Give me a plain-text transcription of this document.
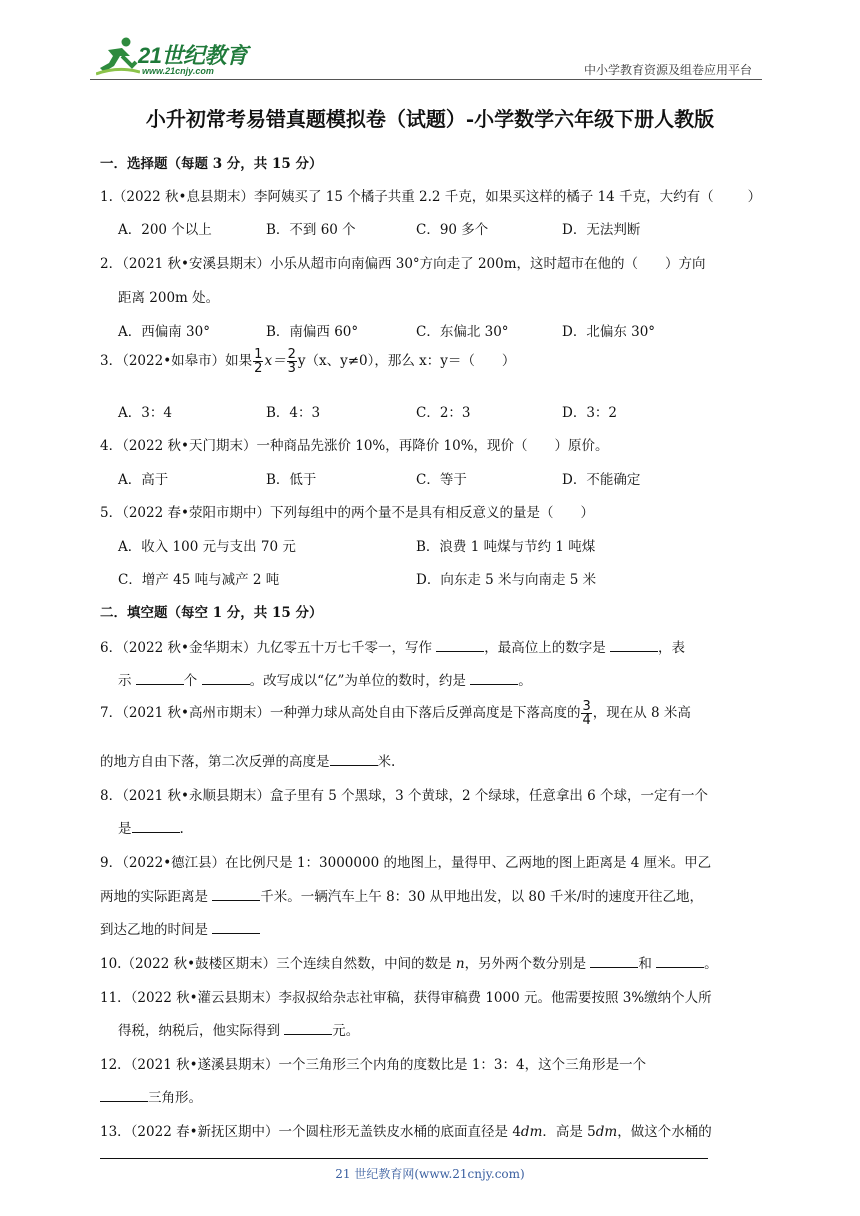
21世纪教育
www.21cnjy.com	中小学教育资源及组卷应用平台
小升初常考易错真题模拟卷（试题）-小学数学六年级下册人教版
一．选择题（每题 3 分，共 15 分）
1.（2022 秋•息县期末）李阿姨买了 15 个橘子共重 2.2 千克，如果买这样的橘子 14 千克，大约有（	）
A．200 个以上	B．不到 60 个	C．90 多个	D．无法判断
2．（2021 秋•安溪县期末）小乐从超市向南偏西 30°方向走了 200m，这时超市在他的（　　）方向
距离 200m 处。
A．西偏南 30°	B．南偏西 60°	C．东偏北 30°	D．北偏东 30°
3．（2022•如皋市）如果 $\frac{1}{2} x= \frac{2}{3} y(x$、y≠0），那么 x：y＝（　　）
A．3：4	B．4：3	C．2：3	D．3：2
4．（2022 秋•天门期末）一种商品先涨价 10%，再降价 10%，现价（　　）原价。
A．高于	B．低于	C．等于	D．不能确定
5．（2022 春•荥阳市期中）下列每组中的两个量不是具有相反意义的量是（　　）
A．收入 100 元与支出 70 元	B．浪费 1 吨煤与节约 1 吨煤
C．增产 45 吨与减产 2 吨	D．向东走 5 米与向南走 5 米
二．填空题（每空 1 分，共 15 分）
6．（2022 秋•金华期末）九亿零五十万七千零一，写作	，最高位上的数字是	，表
示	个	。改写成以“亿”为单位的数时，约是	。
7．（2021 秋•高州市期末）一种弹力球从高处自由下落后反弹高度是下落高度的 $\frac{3}{4}$ ，现在从 8 米高
的地方自由下落，第二次反弹的高度是	米.
8．（2021 秋•永顺县期末）盒子里有 5 个黑球，3 个黄球，2 个绿球，任意拿出 6 个球，一定有一个
是	.
9．（2022•德江县）在比例尺是 1：3000000 的地图上，量得甲、乙两地的图上距离是 4 厘米。甲乙
两地的实际距离是	千米。一辆汽车上午 8：30 从甲地出发，以 80 千米/时的速度开往乙地，
到达乙地的时间是
10.（2022 秋•鼓楼区期末）三个连续自然数，中间的数是 n，另外两个数分别是	和	。
11．（2022 秋•灌云县期末）李叔叔给杂志社审稿，获得审稿费 1000 元。他需要按照 3%缴纳个人所
得税，纳税后，他实际得到	元。
12．（2021 秋•遂溪县期末）一个三角形三个内角的度数比是 1：3：4，这个三角形是一个
三角形。
13．（2022 春•新抚区期中）一个圆柱形无盖铁皮水桶的底面直径是 4dm．高是 5dm，做这个水桶的
21 世纪教育网(www.21cnjy.com)
